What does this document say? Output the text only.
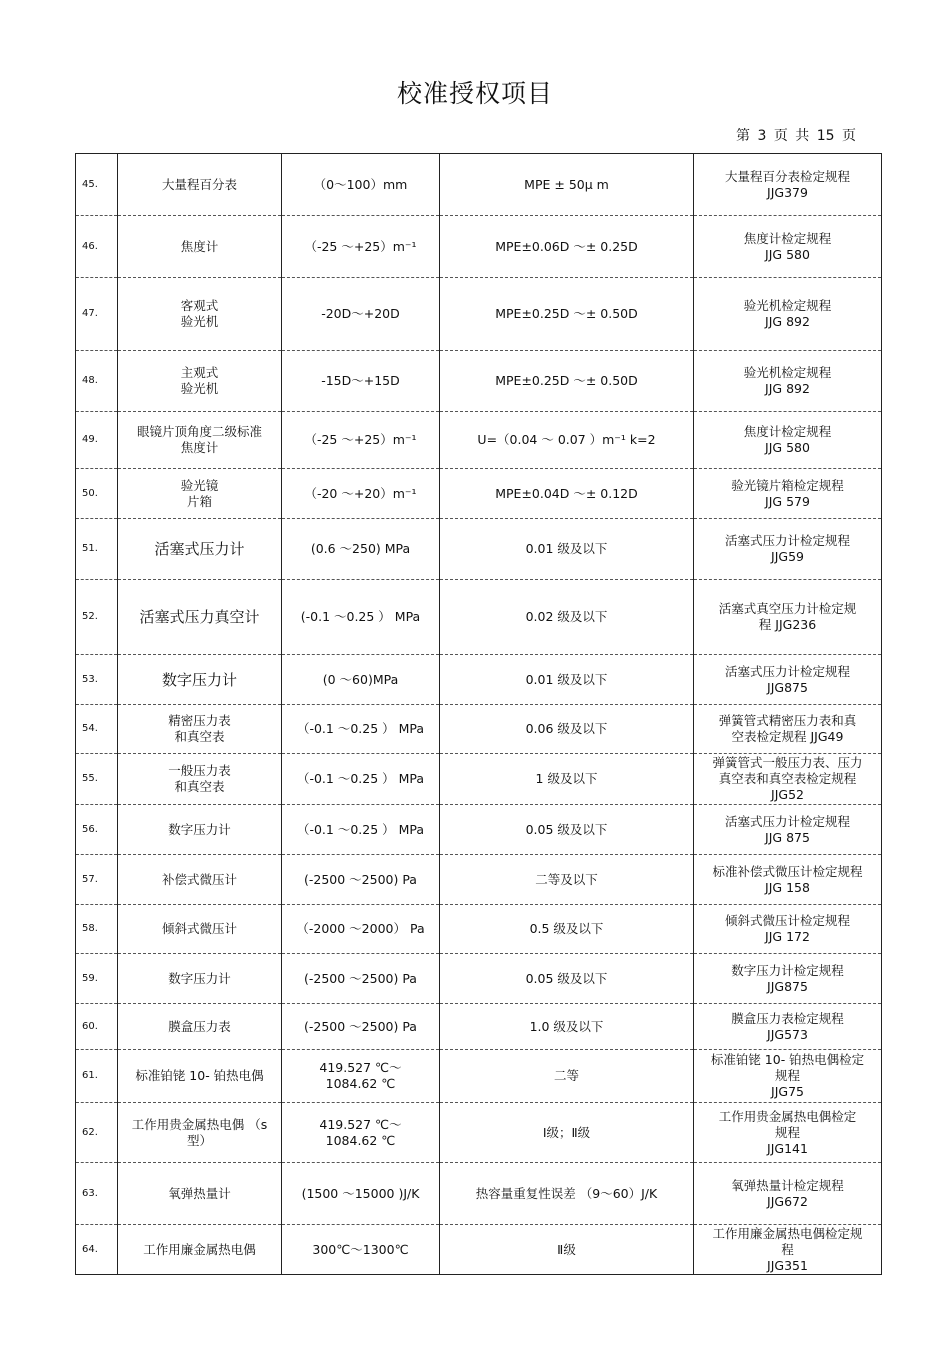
校准授权项目
第 3 页 共 15 页
45.	大量程百分表	（0～100）mm	MPE ± 50μ m	大量程百分表检定规程
JJG379
46.	焦度计	（-25 ～+25）m⁻¹	MPE±0.06D ～± 0.25D	焦度计检定规程
JJG 580
47.	客观式
验光机	-20D～+20D	MPE±0.25D ～± 0.50D	验光机检定规程
JJG 892
48.	主观式
验光机	-15D～+15D	MPE±0.25D ～± 0.50D	验光机检定规程
JJG 892
49.	眼镜片顶角度二级标准
焦度计	（-25 ～+25）m⁻¹	U=（0.04 ～ 0.07 ）m⁻¹ k=2	焦度计检定规程
JJG 580
50.	验光镜
片箱	（-20 ～+20）m⁻¹	MPE±0.04D ～± 0.12D	验光镜片箱检定规程
JJG 579
51.	活塞式压力计	(0.6 ～250) MPa	0.01 级及以下	活塞式压力计检定规程
JJG59
52.	活塞式压力真空计	(-0.1 ～0.25 ） MPa	0.02 级及以下	活塞式真空压力计检定规
程 JJG236
53.	数字压力计	(0 ～60)MPa	0.01 级及以下	活塞式压力计检定规程
JJG875
54.	精密压力表
和真空表	（-0.1 ～0.25 ） MPa	0.06 级及以下	弹簧管式精密压力表和真
空表检定规程 JJG49
55.	一般压力表
和真空表	（-0.1 ～0.25 ） MPa	1 级及以下	弹簧管式一般压力表、压力
真空表和真空表检定规程
JJG52
56.	数字压力计	（-0.1 ～0.25 ） MPa	0.05 级及以下	活塞式压力计检定规程
JJG 875
57.	补偿式微压计	(-2500 ～2500) Pa	二等及以下	标准补偿式微压计检定规程
JJG 158
58.	倾斜式微压计	（-2000 ～2000） Pa	0.5 级及以下	倾斜式微压计检定规程
JJG 172
59.	数字压力计	(-2500 ～2500) Pa	0.05 级及以下	数字压力计检定规程
JJG875
60.	膜盒压力表	(-2500 ～2500) Pa	1.0 级及以下	膜盒压力表检定规程
JJG573
61.	标准铂铑 10- 铂热电偶	419.527 ℃～
1084.62 ℃	二等	标准铂铑 10- 铂热电偶检定
规程
JJG75
62.	工作用贵金属热电偶 （s
型）	419.527 ℃～
1084.62 ℃	Ⅰ级；Ⅱ级	工作用贵金属热电偶检定
规程
JJG141
63.	氧弹热量计	(1500 ～15000 )J/K	热容量重复性误差 （9～60）J/K	氧弹热量计检定规程
JJG672
64.	工作用廉金属热电偶	300℃～1300℃	Ⅱ级	工作用廉金属热电偶检定规
程
JJG351
